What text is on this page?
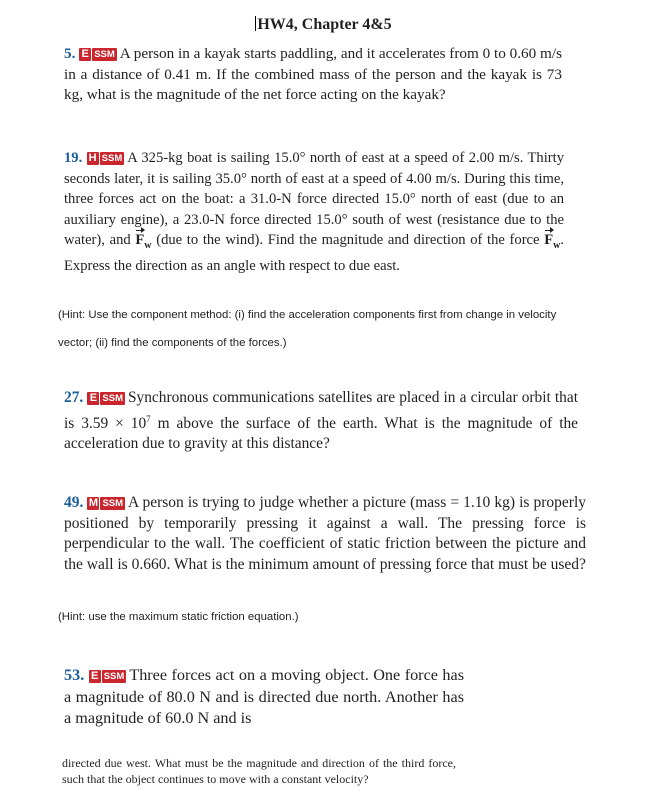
HW4, Chapter 4&5
5. E SSM A person in a kayak starts paddling, and it accelerates from 0 to 0.60 m/s in a distance of 0.41 m. If the combined mass of the person and the kayak is 73 kg, what is the magnitude of the net force acting on the kayak?
19. H SSM A 325-kg boat is sailing 15.0° north of east at a speed of 2.00 m/s. Thirty seconds later, it is sailing 35.0° north of east at a speed of 4.00 m/s. During this time, three forces act on the boat: a 31.0-N force directed 15.0° north of east (due to an auxiliary engine), a 23.0-N force directed 15.0° south of west (resistance due to the water), and $F_w$ (due to the wind). Find the magnitude and direction of the force $F_w$. Express the direction as an angle with respect to due east.
(Hint: Use the component method: (i) find the acceleration components first from change in velocity
vector; (ii) find the components of the forces.)
27. E SSM Synchronous communications satellites are placed in a circular orbit that is $3.59 \times 10^7$ m above the surface of the earth. What is the magnitude of the acceleration due to gravity at this distance?
49. M SSM A person is trying to judge whether a picture (mass = 1.10 kg) is properly positioned by temporarily pressing it against a wall. The pressing force is perpendicular to the wall. The coefficient of static friction between the picture and the wall is 0.660. What is the minimum amount of pressing force that must be used?
(Hint: use the maximum static friction equation.)
53. E SSM Three forces act on a moving object. One force has a magnitude of 80.0 N and is directed due north. Another has a magnitude of 60.0 N and is
directed due west. What must be the magnitude and direction of the third force, such that the object continues to move with a constant velocity?
